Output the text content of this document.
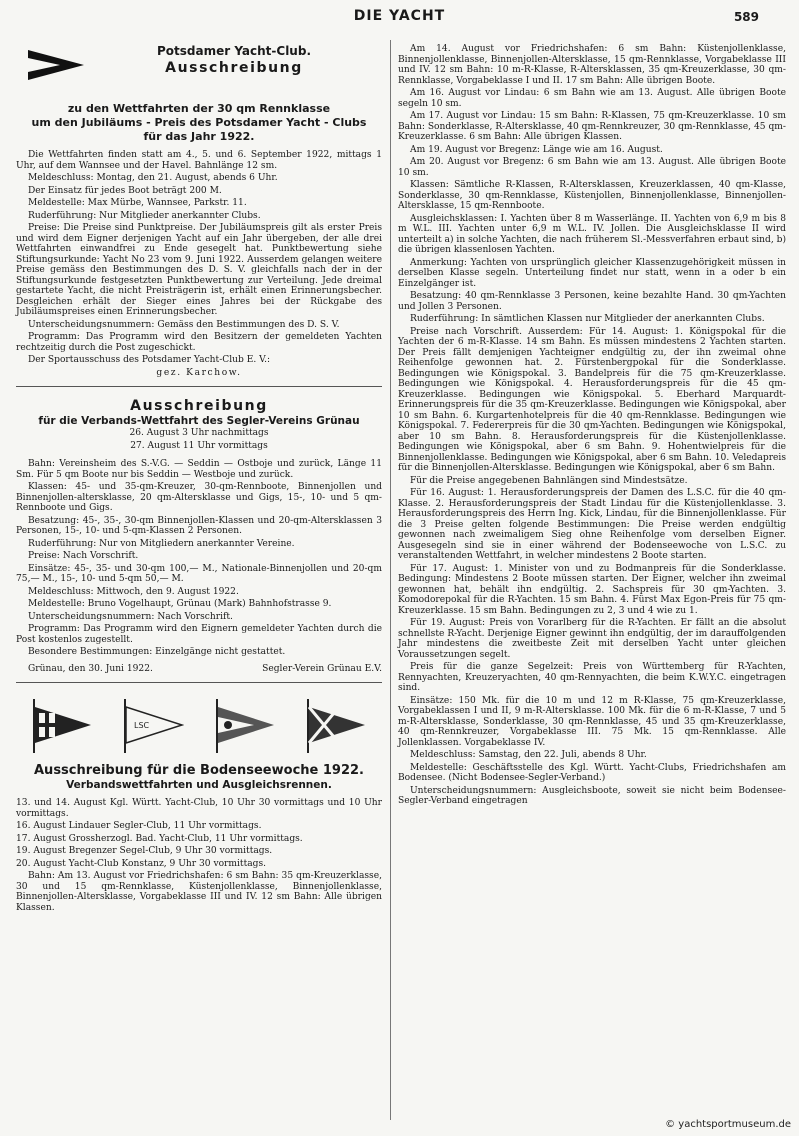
DIE YACHT	589
Potsdamer Yacht-Club.
Ausschreibung
zu den Wettfahrten der 30 qm Rennklasse
um den Jubiläums - Preis des Potsdamer Yacht - Clubs
für das Jahr 1922.

Die Wettfahrten finden statt am 4., 5. und 6. September 1922, mittags 1 Uhr, auf dem Wannsee und der Havel. Bahnlänge 12 sm.

Meldeschluss: Montag, den 21. August, abends 6 Uhr.

Der Einsatz für jedes Boot beträgt 200 M.

Meldestelle: Max Mürbe, Wannsee, Parkstr. 11.

Ruderführung: Nur Mitglieder anerkannter Clubs.

Preise: Die Preise sind Punktpreise. Der Jubiläumspreis gilt als erster Preis und wird dem Eigner derjenigen Yacht auf ein Jahr übergeben, der alle drei Wettfahrten einwandfrei zu Ende gesegelt hat. Punktbewertung siehe Stiftungsurkunde: Yacht No 23 vom 9. Juni 1922. Ausserdem gelangen weitere Preise gemäss den Bestimmungen des D. S. V. gleichfalls nach der in der Stiftungsurkunde festgesetzten Punktbewertung zur Verteilung. Jede dreimal gestartete Yacht, die nicht Preisträgerin ist, erhält einen Erinnerungsbecher. Desgleichen erhält der Sieger eines Jahres bei der Rückgabe des Jubiläumspreises einen Erinnerungsbecher.

Unterscheidungsnummern: Gemäss den Bestimmungen des D. S. V.

Programm: Das Programm wird den Besitzern der gemeldeten Yachten rechtzeitig durch die Post zugeschickt.

Der Sportausschuss des Potsdamer Yacht-Club E. V.:

gez. Karchow.

Ausschreibung
für die Verbands-Wettfahrt des Segler-Vereins Grünau

26. August 3 Uhr nachmittags

27. August 11 Uhr vormittags

Bahn: Vereinsheim des S.-V.G. — Seddin — Ostboje und zurück, Länge 11 Sm. Für 5 qm Boote nur bis Seddin — Westboje und zurück.

Klassen: 45- und 35-qm-Kreuzer, 30-qm-Rennboote, Binnenjollen und Binnenjollen-altersklasse, 20 qm-Altersklasse und Gigs, 15-, 10- und 5 qm-Rennboote und Gigs.

Besatzung: 45-, 35-, 30-qm Binnenjollen-Klassen und 20-qm-Altersklassen 3 Personen, 15-, 10- und 5-qm-Klassen 2 Personen.

Ruderführung: Nur von Mitgliedern anerkannter Vereine.

Preise: Nach Vorschrift.

Einsätze: 45-, 35- und 30-qm 100,— M., Nationale-Binnenjollen und 20-qm 75,— M., 15-, 10- und 5-qm 50,— M.

Meldeschluss: Mittwoch, den 9. August 1922.

Meldestelle: Bruno Vogelhaupt, Grünau (Mark) Bahnhofstrasse 9.

Unterscheidungsnummern: Nach Vorschrift.

Programm: Das Programm wird den Eignern gemeldeter Yachten durch die Post kostenlos zugestellt.

Besondere Bestimmungen: Einzelgänge nicht gestattet.

Grünau, den 30. Juni 1922.	Segler-Verein Grünau E.V.
LSC
Ausschreibung für die Bodenseewoche 1922.
Verbandswettfahrten und Ausgleichsrennen.

13. und 14. August Kgl. Württ. Yacht-Club, 10 Uhr 30 vormittags und 10 Uhr vormittags.

16. August Lindauer Segler-Club, 11 Uhr vormittags.

17. August Grossherzogl. Bad. Yacht-Club, 11 Uhr vormittags.

19. August Bregenzer Segel-Club, 9 Uhr 30 vormittags.

20. August Yacht-Club Konstanz, 9 Uhr 30 vormittags.

Bahn: Am 13. August vor Friedrichshafen: 6 sm Bahn: 35 qm-Kreuzerklasse, 30 und 15 qm-Rennklasse, Küstenjollenklasse, Binnenjollenklasse, Binnenjollen-Altersklasse, Vorgabeklasse III und IV. 12 sm Bahn: Alle übrigen Klassen.

Am 14. August vor Friedrichshafen: 6 sm Bahn: Küstenjollenklasse, Binnenjollenklasse, Binnenjollen-Altersklasse, 15 qm-Rennklasse, Vorgabeklasse III und IV. 12 sm Bahn: 10 m-R-Klasse, R-Altersklassen, 35 qm-Kreuzerklasse, 30 qm-Rennklasse, Vorgabeklasse I und II. 17 sm Bahn: Alle übrigen Boote.

Am 16. August vor Lindau: 6 sm Bahn wie am 13. August. Alle übrigen Boote segeln 10 sm.

Am 17. August vor Lindau: 15 sm Bahn: R-Klassen, 75 qm-Kreuzerklasse. 10 sm Bahn: Sonderklasse, R-Altersklasse, 40 qm-Rennkreuzer, 30 qm-Rennklasse, 45 qm-Kreuzerklasse. 6 sm Bahn: Alle übrigen Klassen.

Am 19. August vor Bregenz: Länge wie am 16. August.

Am 20. August vor Bregenz: 6 sm Bahn wie am 13. August. Alle übrigen Boote 10 sm.

Klassen: Sämtliche R-Klassen, R-Altersklassen, Kreuzerklassen, 40 qm-Klasse, Sonderklasse, 30 qm-Rennklasse, Küstenjollen, Binnenjollenklasse, Binnenjollen-Altersklasse, 15 qm-Rennboote.

Ausgleichsklassen: I. Yachten über 8 m Wasserlänge. II. Yachten von 6,9 m bis 8 m W.L. III. Yachten unter 6,9 m W.L. IV. Jollen. Die Ausgleichsklasse II wird unterteilt a) in solche Yachten, die nach früherem Sl.-Messverfahren erbaut sind, b) die übrigen klassenlosen Yachten.

Anmerkung: Yachten von ursprünglich gleicher Klassenzugehörigkeit müssen in derselben Klasse segeln. Unterteilung findet nur statt, wenn in a oder b ein Einzelgänger ist.

Besatzung: 40 qm-Rennklasse 3 Personen, keine bezahlte Hand. 30 qm-Yachten und Jollen 3 Personen.

Ruderführung: In sämtlichen Klassen nur Mitglieder der anerkannten Clubs.

Preise nach Vorschrift. Ausserdem: Für 14. August: 1. Königspokal für die Yachten der 6 m-R-Klasse. 14 sm Bahn. Es müssen mindestens 2 Yachten starten. Der Preis fällt demjenigen Yachteigner endgültig zu, der ihn zweimal ohne Reihenfolge gewonnen hat. 2. Fürstenbergpokal für die Sonderklasse. Bedingungen wie Königspokal. 3. Bandelpreis für die 75 qm-Kreuzerklasse. Bedingungen wie Königspokal. 4. Herausforderungspreis für die 45 qm-Kreuzerklasse. Bedingungen wie Königspokal. 5. Eberhard Marquardt-Erinnerungspreis für die 35 qm-Kreuzerklasse. Bedingungen wie Königspokal, aber 10 sm Bahn. 6. Kurgartenhotelpreis für die 40 qm-Rennklasse. Bedingungen wie Königspokal. 7. Federerpreis für die 30 qm-Yachten. Bedingungen wie Königspokal, aber 10 sm Bahn. 8. Herausforderungspreis für die Küstenjollenklasse. Bedingungen wie Königspokal, aber 6 sm Bahn. 9. Hohentwielpreis für die Binnenjollenklasse. Bedingungen wie Königspokal, aber 6 sm Bahn. 10. Veledapreis für die Binnenjollen-Altersklasse. Bedingungen wie Königspokal, aber 6 sm Bahn.

Für die Preise angegebenen Bahnlängen sind Mindestsätze.

Für 16. August: 1. Herausforderungspreis der Damen des L.S.C. für die 40 qm-Klasse. 2. Herausforderungspreis der Stadt Lindau für die Küstenjollenklasse. 3. Herausforderungspreis des Herrn Ing. Kick, Lindau, für die Binnenjollenklasse. Für die 3 Preise gelten folgende Bestimmungen: Die Preise werden endgültig gewonnen nach zweimaligem Sieg ohne Reihenfolge vom derselben Eigner. Ausgesegeln sind sie in einer während der Bodenseewoche von L.S.C. zu veranstaltenden Wettfahrt, in welcher mindestens 2 Boote starten.

Für 17. August: 1. Minister von und zu Bodmanpreis für die Sonderklasse. Bedingung: Mindestens 2 Boote müssen starten. Der Eigner, welcher ihn zweimal gewonnen hat, behält ihn endgültig. 2. Sachspreis für 30 qm-Yachten. 3. Komodorepokal für die R-Yachten. 15 sm Bahn. 4. Fürst Max Egon-Preis für 75 qm-Kreuzerklasse. 15 sm Bahn. Bedingungen zu 2, 3 und 4 wie zu 1.

Für 19. August: Preis von Vorarlberg für die R-Yachten. Er fällt an die absolut schnellste R-Yacht. Derjenige Eigner gewinnt ihn endgültig, der im darauffolgenden Jahr mindestens die zweitbeste Zeit mit derselben Yacht unter gleichen Voraussetzungen segelt.

Preis für die ganze Segelzeit: Preis von Württemberg für R-Yachten, Rennyachten, Kreuzeryachten, 40 qm-Rennyachten, die beim K.W.Y.C. eingetragen sind.

Einsätze: 150 Mk. für die 10 m und 12 m R-Klasse, 75 qm-Kreuzerklasse, Vorgabeklassen I und II, 9 m-R-Altersklasse. 100 Mk. für die 6 m-R-Klasse, 7 und 5 m-R-Altersklasse, Sonderklasse, 30 qm-Rennklasse, 45 und 35 qm-Kreuzerklasse, 40 qm-Rennkreuzer, Vorgabeklasse III. 75 Mk. 15 qm-Rennklasse. Alle Jollenklassen. Vorgabeklasse IV.

Meldeschluss: Samstag, den 22. Juli, abends 8 Uhr.

Meldestelle: Geschäftsstelle des Kgl. Württ. Yacht-Clubs, Friedrichshafen am Bodensee. (Nicht Bodensee-Segler-Verband.)

Unterscheidungsnummern: Ausgleichsboote, soweit sie nicht beim Bodensee-Segler-Verband eingetragen

© yachtsportmuseum.de
